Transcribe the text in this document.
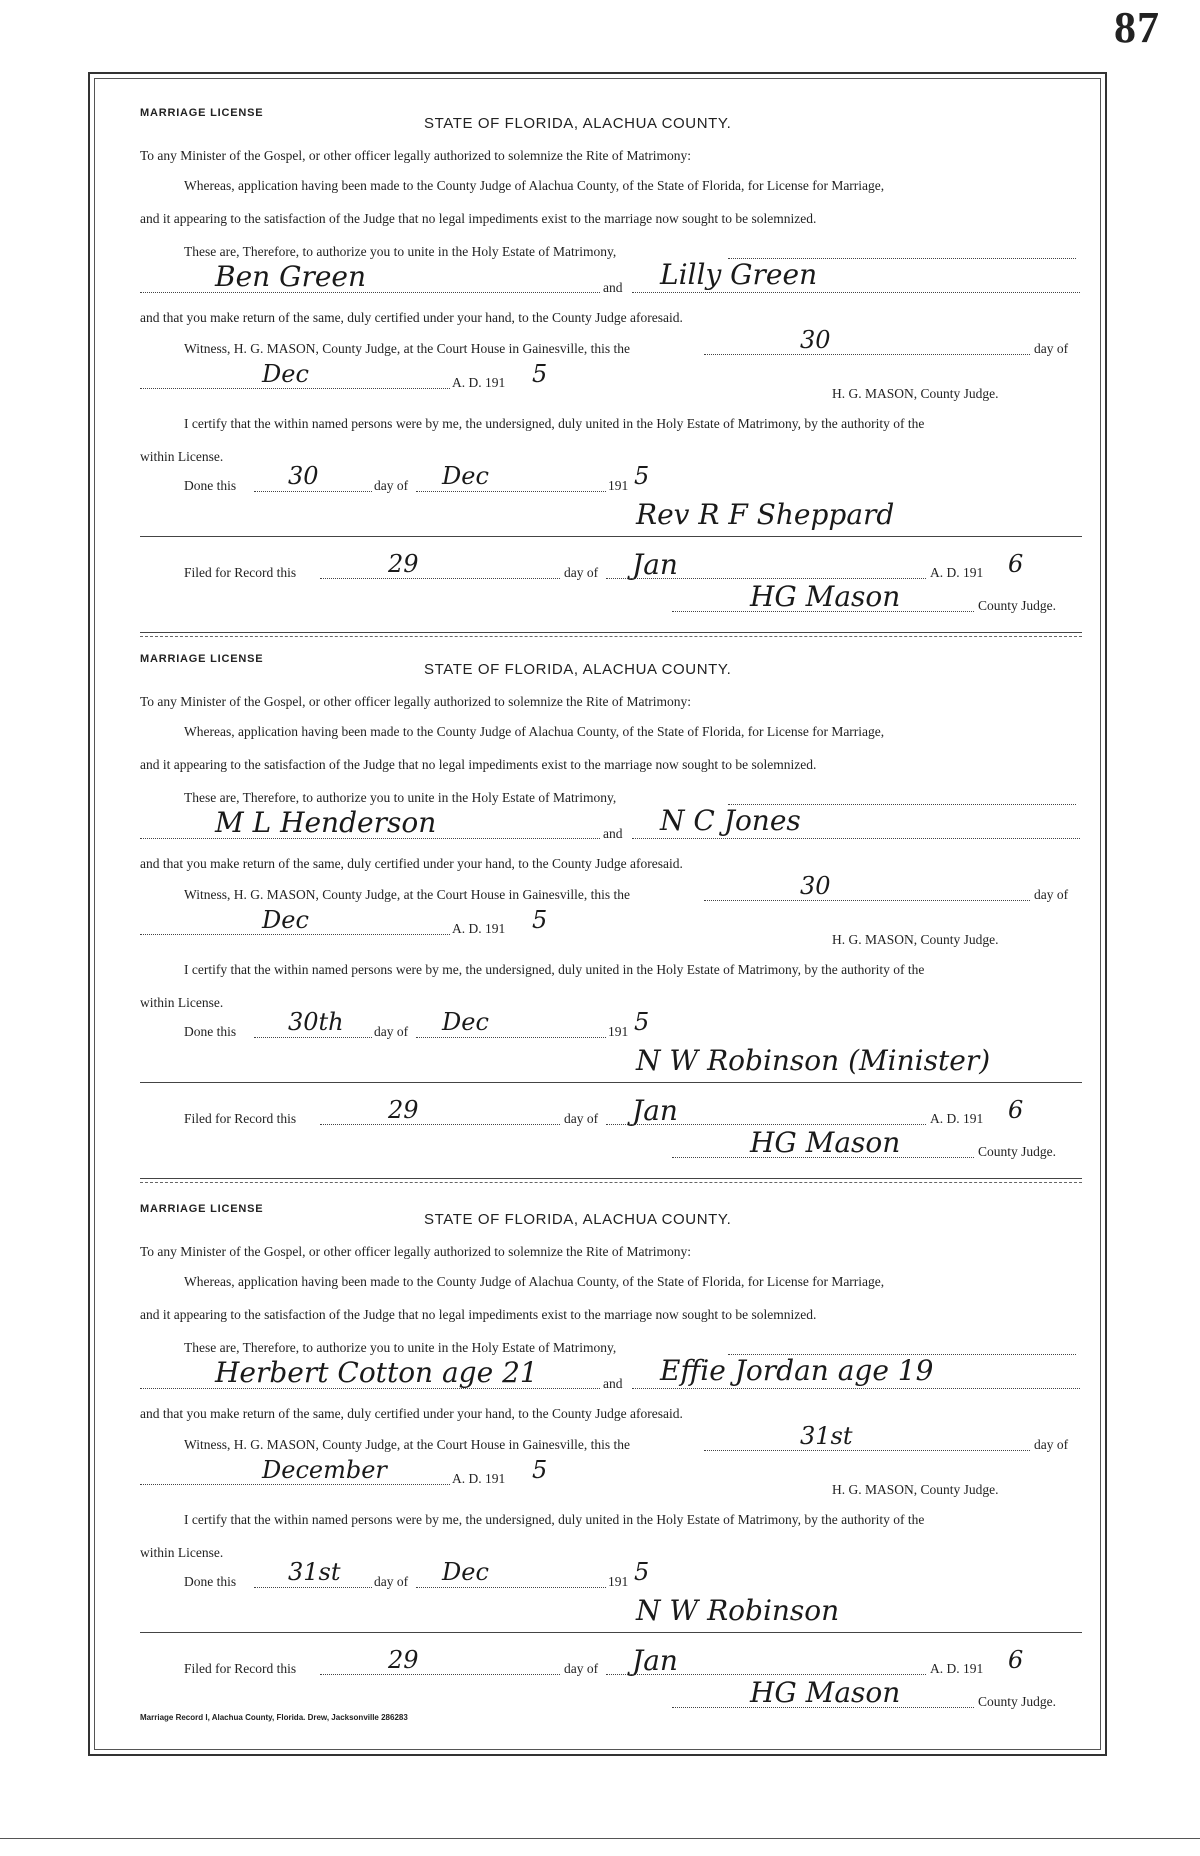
87
MARRIAGE LICENSE
STATE OF FLORIDA, ALACHUA COUNTY.
To any Minister of the Gospel, or other officer legally authorized to solemnize the Rite of Matrimony:
Whereas, application having been made to the County Judge of Alachua County, of the State of Florida, for License for Marriage,
and it appearing to the satisfaction of the Judge that no legal impediments exist to the marriage now sought to be solemnized.
These are, Therefore, to authorize you to unite in the Holy Estate of Matrimony,
Ben Green	and Lilly Green
and that you make return of the same, duly certified under your hand, to the County Judge aforesaid.
Witness, H. G. MASON, County Judge, at the Court House in Gainesville, this the	30	day of
Dec	A. D. 191 5
H. G. MASON, County Judge.
I certify that the within named persons were by me, the undersigned, duly united in the Holy Estate of Matrimony, by the authority of the
within License.
Done this 30	day of Dec	191 5
Rev R F Sheppard
Filed for Record this	29	day of Jan	A. D. 191 6
HG Mason	County Judge.
MARRIAGE LICENSE
STATE OF FLORIDA, ALACHUA COUNTY.
To any Minister of the Gospel, or other officer legally authorized to solemnize the Rite of Matrimony:
Whereas, application having been made to the County Judge of Alachua County, of the State of Florida, for License for Marriage,
and it appearing to the satisfaction of the Judge that no legal impediments exist to the marriage now sought to be solemnized.
These are, Therefore, to authorize you to unite in the Holy Estate of Matrimony,
M L Henderson	and N C Jones
and that you make return of the same, duly certified under your hand, to the County Judge aforesaid.
Witness, H. G. MASON, County Judge, at the Court House in Gainesville, this the	30	day of
Dec	A. D. 191 5
H. G. MASON, County Judge.
I certify that the within named persons were by me, the undersigned, duly united in the Holy Estate of Matrimony, by the authority of the
within License.
Done this 30th day of Dec	191 5
N W Robinson (Minister)
Filed for Record this	29	day of Jan	A. D. 191 6
HG Mason	County Judge.
MARRIAGE LICENSE
STATE OF FLORIDA, ALACHUA COUNTY.
To any Minister of the Gospel, or other officer legally authorized to solemnize the Rite of Matrimony:
Whereas, application having been made to the County Judge of Alachua County, of the State of Florida, for License for Marriage,
and it appearing to the satisfaction of the Judge that no legal impediments exist to the marriage now sought to be solemnized.
These are, Therefore, to authorize you to unite in the Holy Estate of Matrimony,
Herbert Cotton age 21	and Effie Jordan age 19
and that you make return of the same, duly certified under your hand, to the County Judge aforesaid.
Witness, H. G. MASON, County Judge, at the Court House in Gainesville, this the	31st	day of
December	A. D. 191 5
H. G. MASON, County Judge.
I certify that the within named persons were by me, the undersigned, duly united in the Holy Estate of Matrimony, by the authority of the
within License.
Done this 31st day of Dec	191 5
N W Robinson
Filed for Record this	29	day of Jan	A. D. 191 6
HG Mason	County Judge.
Marriage Record I, Alachua County, Florida. Drew, Jacksonville 286283
